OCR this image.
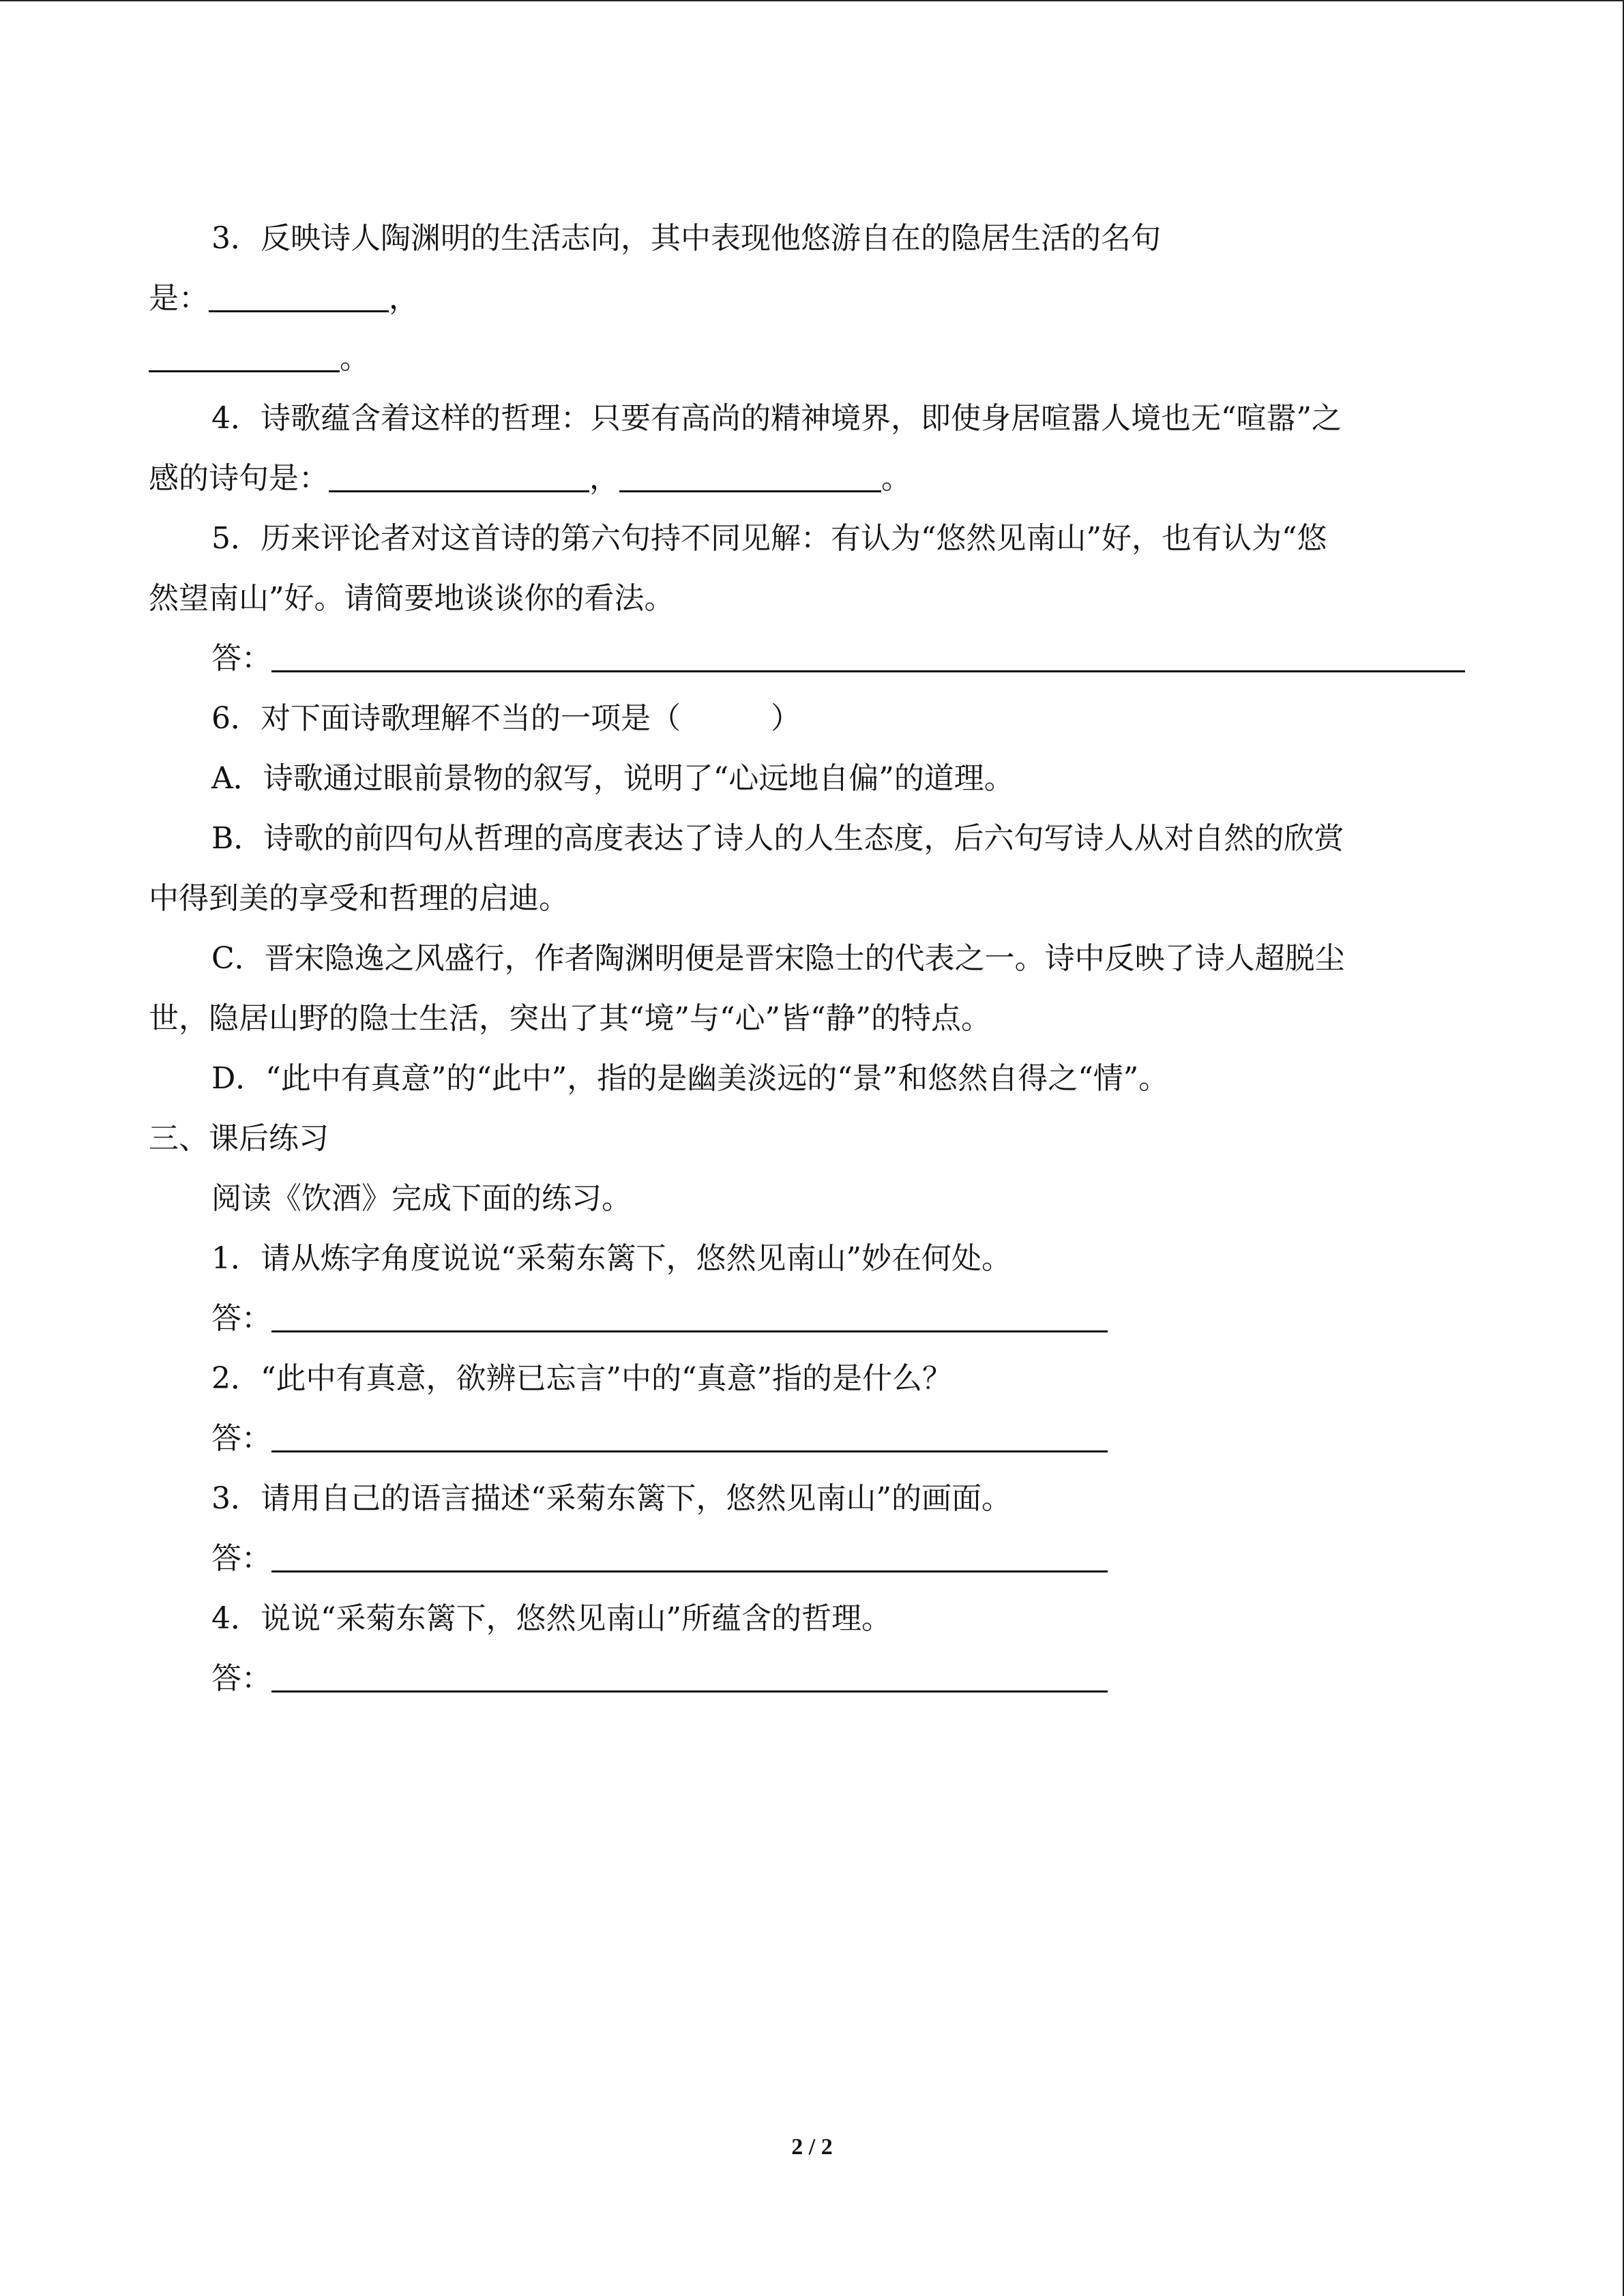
3．反映诗人陶渊明的生活志向，其中表现他悠游自在的隐居生活的名句
是：	，
。
4．诗歌蕴含着这样的哲理：只要有高尚的精神境界，即使身居喧嚣人境也无“喧嚣”之
感的诗句是：	，	。
5．历来评论者对这首诗的第六句持不同见解：有认为“悠然见南山”好，也有认为“悠
然望南山”好。请简要地谈谈你的看法。
答：
6．对下面诗歌理解不当的一项是（　　　）
A．诗歌通过眼前景物的叙写，说明了“心远地自偏”的道理。
B．诗歌的前四句从哲理的高度表达了诗人的人生态度，后六句写诗人从对自然的欣赏
中得到美的享受和哲理的启迪。
C．晋宋隐逸之风盛行，作者陶渊明便是晋宋隐士的代表之一。诗中反映了诗人超脱尘
世，隐居山野的隐士生活，突出了其“境”与“心”皆“静”的特点。
D．“此中有真意”的“此中”，指的是幽美淡远的“景”和悠然自得之“情”。
三、课后练习
阅读《饮酒》完成下面的练习。
1．请从炼字角度说说“采菊东篱下，悠然见南山”妙在何处。
答：
2．“此中有真意，欲辨已忘言”中的“真意”指的是什么？
答：
3．请用自己的语言描述“采菊东篱下，悠然见南山”的画面。
答：
4．说说“采菊东篱下，悠然见南山”所蕴含的哲理。
答：
2 / 2
